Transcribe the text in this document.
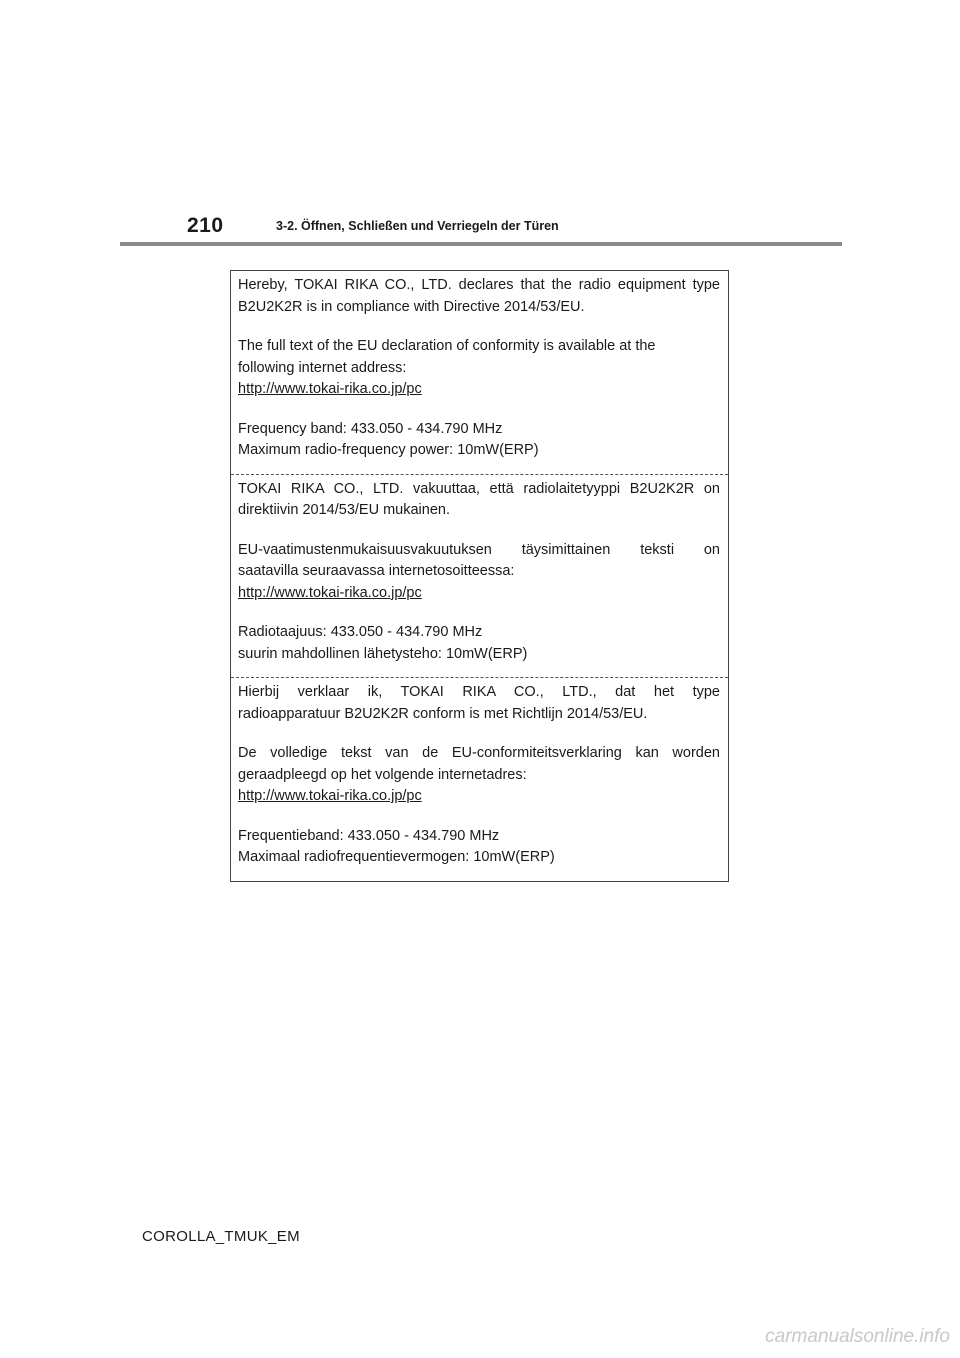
210	3-2. Öffnen, Schließen und Verriegeln der Türen

Hereby, TOKAI RIKA CO., LTD. declares that the radio equipment type
B2U2K2R is in compliance with Directive 2014/53/EU.

The full text of the EU declaration of conformity is available at the
following internet address:
http://www.tokai-rika.co.jp/pc

Frequency band: 433.050 - 434.790 MHz
Maximum radio-frequency power: 10mW(ERP)

TOKAI RIKA CO., LTD. vakuuttaa, että radiolaitetyyppi B2U2K2R on
direktiivin 2014/53/EU mukainen.

EU-vaatimustenmukaisuusvakuutuksen täysimittainen teksti on
saatavilla seuraavassa internetosoitteessa:
http://www.tokai-rika.co.jp/pc

Radiotaajuus: 433.050 - 434.790 MHz
suurin mahdollinen lähetysteho: 10mW(ERP)

Hierbij verklaar ik, TOKAI RIKA CO., LTD., dat het type
radioapparatuur B2U2K2R conform is met Richtlijn 2014/53/EU.

De volledige tekst van de EU-conformiteitsverklaring kan worden
geraadpleegd op het volgende internetadres:
http://www.tokai-rika.co.jp/pc

Frequentieband: 433.050 - 434.790 MHz
Maximaal radiofrequentievermogen: 10mW(ERP)

COROLLA_TMUK_EM
carmanualsonline.info
